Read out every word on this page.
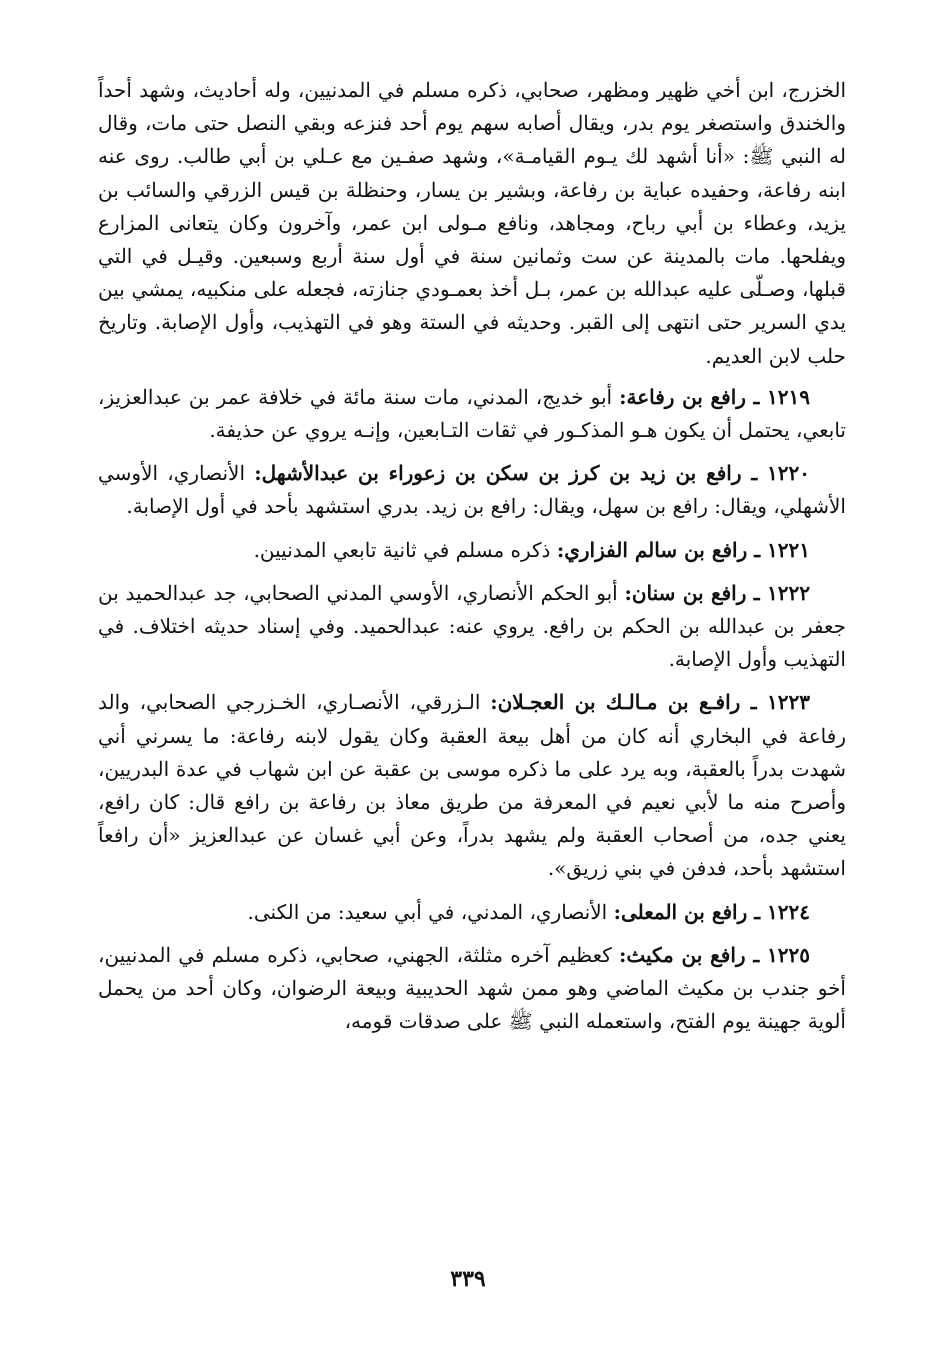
الخزرج، ابن أخي ظهير ومظهر، صحابي، ذكره مسلم في المدنيين، وله أحاديث، وشهد أحداً والخندق واستصغر يوم بدر، ويقال أصابه سهم يوم أحد فنزعه وبقي النصل حتى مات، وقال له النبي ﷺ: «أنا أشهد لك يـوم القيامـة»، وشهد صفـين مع عـلي بن أبي طالب. روى عنه ابنه رفاعة، وحفيده عباية بن رفاعة، وبشير بن يسار، وحنظلة بن قيس الزرقي والسائب بن يزيد، وعطاء بن أبي رباح، ومجاهد، ونافع مـولى ابن عمر، وآخرون وكان يتعانى المزارع ويفلحها. مات بالمدينة عن ست وثمانين سنة في أول سنة أربع وسبعين. وقيـل في التي قبلها، وصـلّى عليه عبدالله بن عمر، بـل أخذ بعمـودي جنازته، فجعله على منكبيه، يمشي بين يدي السرير حتى انتهى إلى القبر. وحديثه في الستة وهو في التهذيب، وأول الإصابة. وتاريخ حلب لابن العديم.

١٢١٩ ـ رافع بن رفاعة: أبو خديج، المدني، مات سنة مائة في خلافة عمر بن عبدالعزيز، تابعي، يحتمل أن يكون هـو المذكـور في ثقات التـابعين، وإنـه يروي عن حذيفة.

١٢٢٠ ـ رافع بن زيد بن كرز بن سكن بن زعوراء بن عبدالأشهل: الأنصاري، الأوسي الأشهلي، ويقال: رافع بن سهل، ويقال: رافع بن زيد. بدري استشهد بأحد في أول الإصابة.

١٢٢١ ـ رافع بن سالم الفزاري: ذكره مسلم في ثانية تابعي المدنيين.

١٢٢٢ ـ رافع بن سنان: أبو الحكم الأنصاري، الأوسي المدني الصحابي، جد عبدالحميد بن جعفر بن عبدالله بن الحكم بن رافع. يروي عنه: عبدالحميد. وفي إسناد حديثه اختلاف. في التهذيب وأول الإصابة.

١٢٢٣ ـ رافـع بن مـالـك بن العجـلان: الـزرقي، الأنصـاري، الخـزرجي الصحابي، والد رفاعة في البخاري أنه كان من أهل بيعة العقبة وكان يقول لابنه رفاعة: ما يسرني أني شهدت بدراً بالعقبة، وبه يرد على ما ذكره موسى بن عقبة عن ابن شهاب في عدة البدريين، وأصرح منه ما لأبي نعيم في المعرفة من طريق معاذ بن رفاعة بن رافع قال: كان رافع، يعني جده، من أصحاب العقبة ولم يشهد بدراً، وعن أبي غسان عن عبدالعزيز «أن رافعاً استشهد بأحد، فدفن في بني زريق».

١٢٢٤ ـ رافع بن المعلى: الأنصاري، المدني، في أبي سعيد: من الكنى.

١٢٢٥ ـ رافع بن مكيث: كعظيم آخره مثلثة، الجهني، صحابي، ذكره مسلم في المدنيين، أخو جندب بن مكيث الماضي وهو ممن شهد الحديبية وبيعة الرضوان، وكان أحد من يحمل ألوية جهينة يوم الفتح، واستعمله النبي ﷺ على صدقات قومه،

٣٣٩
